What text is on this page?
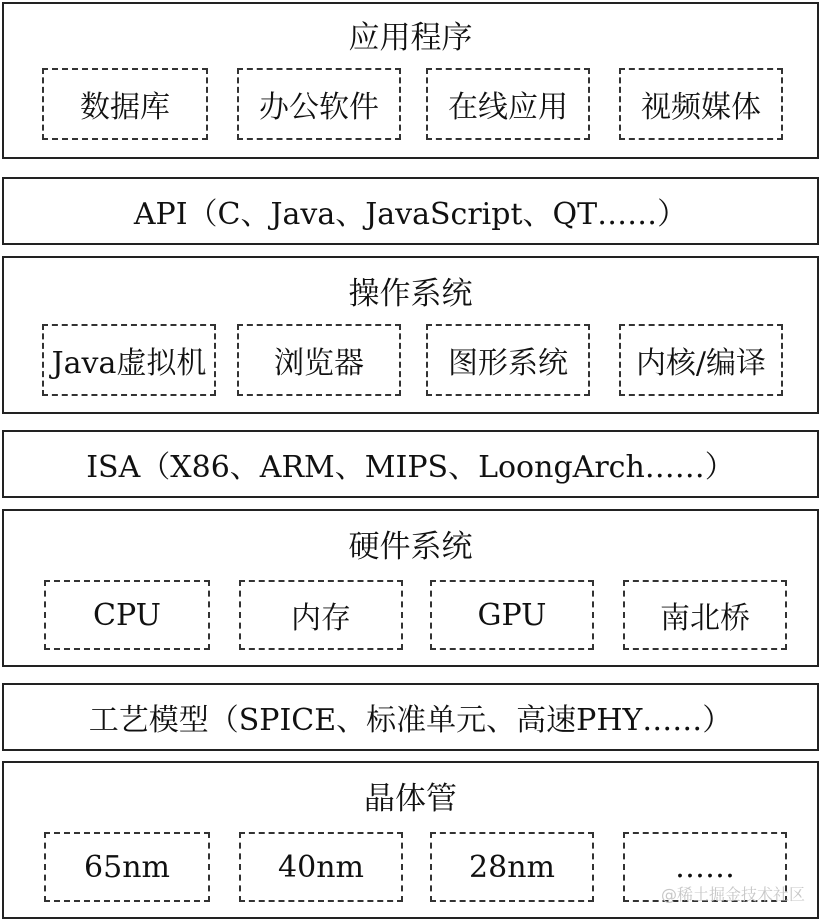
应用程序
数据库	办公软件	在线应用	视频媒体
API（C、Java、JavaScript、QT……）
操作系统
Java虚拟机	浏览器	图形系统	内核/编译
ISA（X86、ARM、MIPS、LoongArch……）
硬件系统
CPU	内存	GPU	南北桥
工艺模型（SPICE、标准单元、高速PHY……）
晶体管
65nm	40nm	28nm	……
@稀土掘金技术社区
